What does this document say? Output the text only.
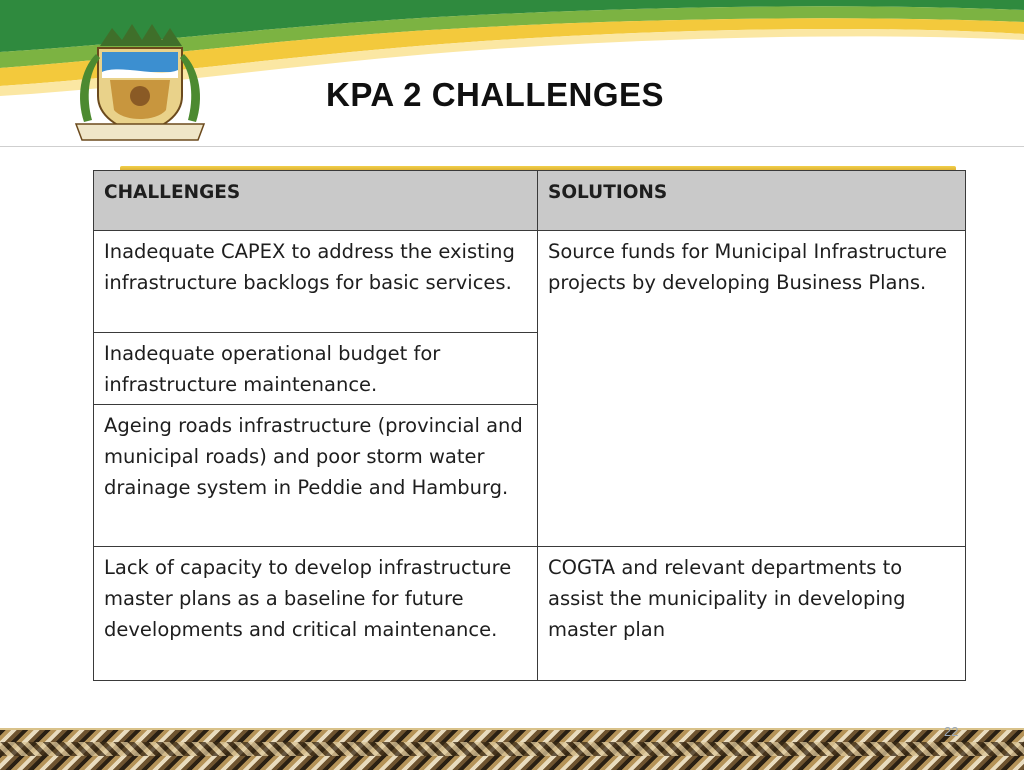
KPA 2 CHALLENGES
CHALLENGES	SOLUTIONS
Inadequate CAPEX to address the existing infrastructure backlogs for basic services.	Source funds for Municipal Infrastructure projects by developing Business Plans.
Inadequate operational budget for infrastructure maintenance.	
Ageing roads infrastructure (provincial and municipal roads) and poor storm water drainage system in Peddie and Hamburg.	
Lack of capacity to develop infrastructure master plans as a baseline for future developments and critical maintenance.	COGTA and relevant departments to assist the municipality in developing master plan
22
